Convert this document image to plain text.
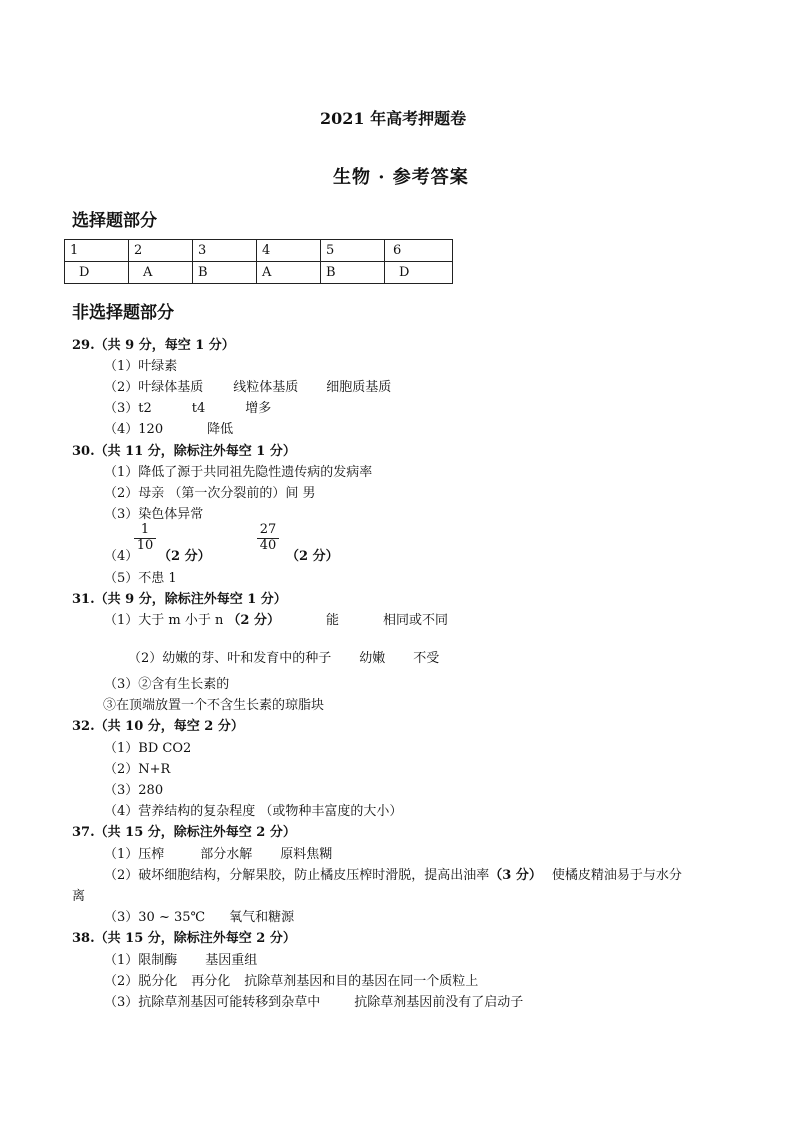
2021 年高考押题卷
生物 · 参考答案
选择题部分
1	2	3	4	5	6
D	A	B	A	B	D
非选择题部分
29.（共 9 分，每空 1 分）
（1）叶绿素
（2）叶绿体基质 线粒体基质 细胞质基质
（3）t2	t4	增多
（4）120	降低
30.（共 11 分，除标注外每空 1 分）
（1）降低了源于共同祖先隐性遗传病的发病率
（2）母亲 （第一次分裂前的）间 男
（3）染色体异常
（4）
1
10
（2 分）
27
40
（2 分）
（5）不患 1
31.（共 9 分，除标注外每空 1 分）
（1）大于 m 小于 n （2 分）	能	相同或不同
（2）幼嫩的芽、叶和发育中的种子 幼嫩 不受
（3）②含有生长素的
③在顶端放置一个不含生长素的琼脂块
32.（共 10 分，每空 2 分）
（1）BD CO2
（2）N+R
（3）280
（4）营养结构的复杂程度 （或物种丰富度的大小）
37.（共 15 分，除标注外每空 2 分）
（1）压榨	部分水解 原料焦糊
（2）破坏细胞结构，分解果胶，防止橘皮压榨时滑脱，提高出油率（3 分） 使橘皮精油易于与水分
离
（3）30 ~ 35℃ 氧气和糖源
38.（共 15 分，除标注外每空 2 分）
（1）限制酶 基因重组
（2）脱分化 再分化 抗除草剂基因和目的基因在同一个质粒上
（3）抗除草剂基因可能转移到杂草中	抗除草剂基因前没有了启动子
